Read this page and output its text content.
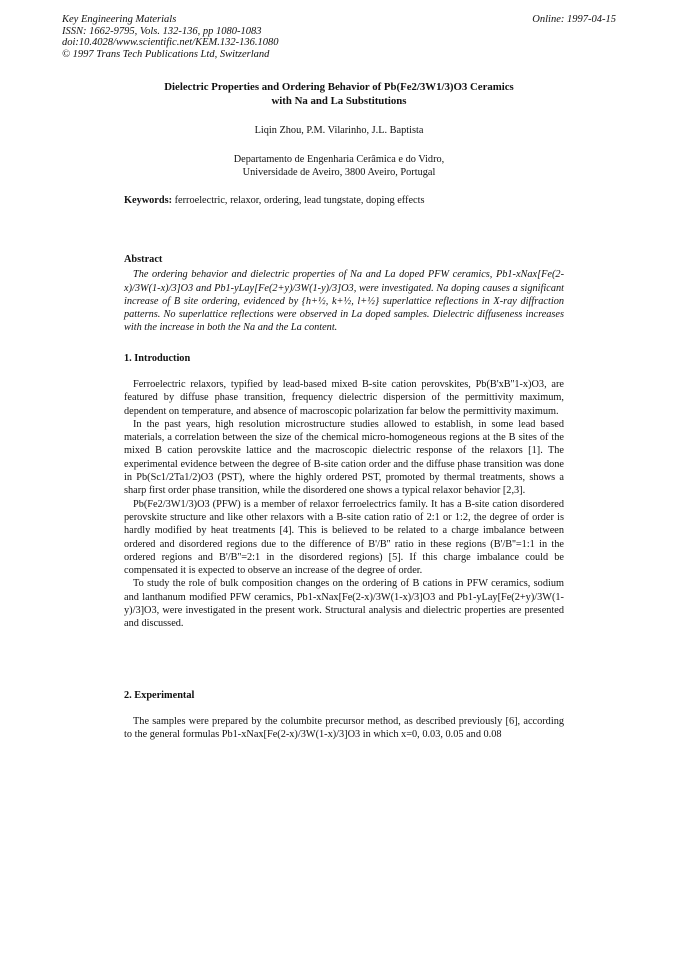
Key Engineering Materials
ISSN: 1662-9795, Vols. 132-136, pp 1080-1083
doi:10.4028/www.scientific.net/KEM.132-136.1080
© 1997 Trans Tech Publications Ltd, Switzerland
Online: 1997-04-15
Dielectric Properties and Ordering Behavior of Pb(Fe2/3W1/3)O3 Ceramics
with Na and La Substitutions
Liqin Zhou, P.M. Vilarinho, J.L. Baptista
Departamento de Engenharia Cerâmica e do Vidro,
Universidade de Aveiro, 3800 Aveiro, Portugal
Keywords: ferroelectric, relaxor, ordering, lead tungstate, doping effects
Abstract

The ordering behavior and dielectric properties of Na and La doped PFW ceramics, Pb1-xNax[Fe(2-x)/3W(1-x)/3]O3 and Pb1-yLay[Fe(2+y)/3W(1-y)/3]O3, were investigated. Na doping causes a significant increase of B site ordering, evidenced by {h+½, k+½, l+½} superlattice reflections in X-ray diffraction patterns. No superlattice reflections were observed in La doped samples. Dielectric diffuseness increases with the increase in both the Na and the La content.

1. Introduction

Ferroelectric relaxors, typified by lead-based mixed B-site cation perovskites, Pb(B'xB''1-x)O3, are featured by diffuse phase transition, frequency dielectric dispersion of the permittivity maximum, dependent on temperature, and absence of macroscopic polarization far below the permittivity maximum.

In the past years, high resolution microstructure studies allowed to establish, in some lead based materials, a correlation between the size of the chemical micro-homogeneous regions at the B sites of the mixed B cation perovskite lattice and the macroscopic dielectric response of the relaxors [1]. The experimental evidence between the degree of B-site cation order and the diffuse phase transition was done in Pb(Sc1/2Ta1/2)O3 (PST), where the highly ordered PST, promoted by thermal treatments, shows a sharp first order phase transition, while the disordered one shows a typical relaxor behavior [2,3].

Pb(Fe2/3W1/3)O3 (PFW) is a member of relaxor ferroelectrics family. It has a B-site cation disordered perovskite structure and like other relaxors with a B-site cation ratio of 2:1 or 1:2, the degree of order is hardly modified by heat treatments [4]. This is believed to be related to a charge imbalance between ordered and disordered regions due to the difference of B'/B'' ratio in these regions (B'/B''=1:1 in the ordered regions and B'/B''=2:1 in the disordered regions) [5]. If this charge imbalance could be compensated it is expected to observe an increase of the degree of order.

To study the role of bulk composition changes on the ordering of B cations in PFW ceramics, sodium and lanthanum modified PFW ceramics, Pb1-xNax[Fe(2-x)/3W(1-x)/3]O3 and Pb1-yLay[Fe(2+y)/3W(1-y)/3]O3, were investigated in the present work. Structural analysis and dielectric properties are presented and discussed.

2. Experimental

The samples were prepared by the columbite precursor method, as described previously [6], according to the general formulas Pb1-xNax[Fe(2-x)/3W(1-x)/3]O3 in which x=0, 0.03, 0.05 and 0.08
